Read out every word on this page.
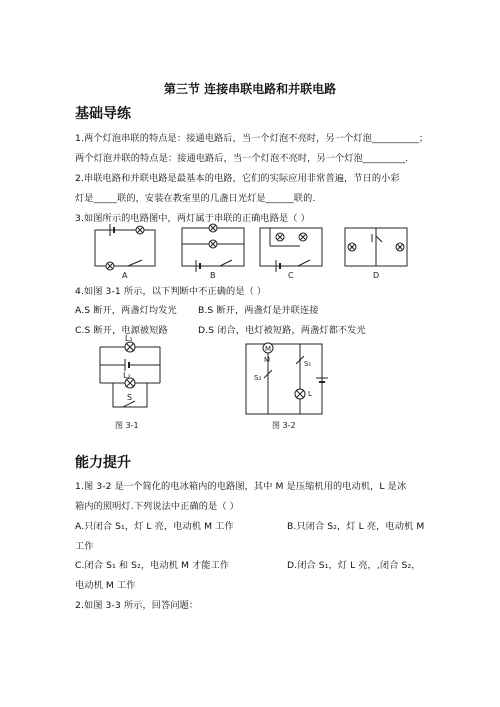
第三节 连接串联电路和并联电路
基础导练
1.两个灯泡串联的特点是：接通电路后，当一个灯泡不亮时，另一个灯泡__________；
两个灯泡并联的特点是：接通电路后，当一个灯泡不亮时，另一个灯泡_________.
2.串联电路和并联电路是最基本的电路，它们的实际应用非常普遍，节日的小彩
灯是_____联的，安装在教室里的几盏日光灯是______联的.
3.如图所示的电路图中，两灯属于串联的正确电路是（ ）
A	B	C	D
4.如图 3-1 所示，以下判断中不正确的是（ ）
A.S 断开，两盏灯均发光 B.S 断开，两盏灯是并联连接
C.S 断开，电源被短路	D.S 闭合，电灯被短路，两盏灯都不发光
L₁
L₂
S
图 3-1
M
M
S₂
S₁
L
图 3-2
能力提升
1.图 3-2 是一个简化的电冰箱内的电路图，其中 M 是压缩机用的电动机，L 是冰
箱内的照明灯.下列说法中正确的是（ ）
A.只闭合 S₁，灯 L 亮，电动机 M 工作	B.只闭合 S₂，灯 L 亮，电动机 M
工作
C.闭合 S₁ 和 S₂，电动机 M 才能工作	D.闭合 S₁，灯 L 亮，,闭合 S₂，
电动机 M 工作
2.如图 3-3 所示，回答问题：
